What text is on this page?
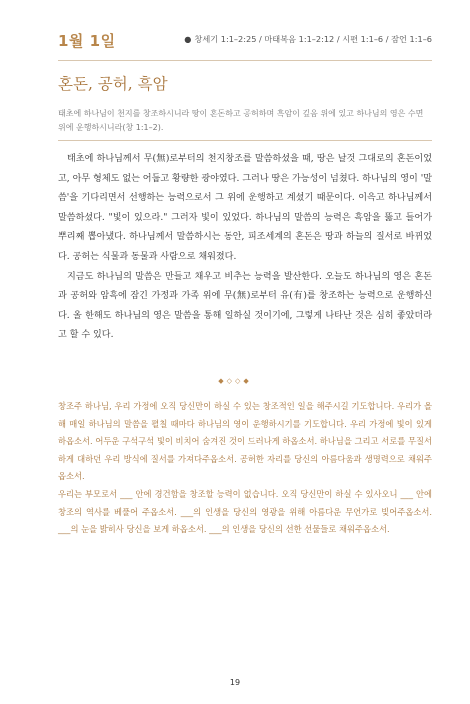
1월 1일	● 창세기 1:1–2:25 / 마태복음 1:1–2:12 / 시편 1:1–6 / 잠언 1:1–6
혼돈, 공허, 흑암
태초에 하나님이 천지를 창조하시니라 땅이 혼돈하고 공허하며 흑암이 깊음 위에 있고 하나님의 영은 수면 위에 운행하시니라(창 1:1–2).

태초에 하나님께서 무(無)로부터의 천지창조를 말씀하셨을 때, 땅은 날것 그대로의 혼돈이었고, 아무 형체도 없는 어둡고 황량한 광야였다. 그러나 땅은 가능성이 넘쳤다. 하나님의 영이 '말씀'을 기다리면서 선행하는 능력으로서 그 위에 운행하고 계셨기 때문이다. 이윽고 하나님께서 말씀하셨다. "빛이 있으라." 그러자 빛이 있었다. 하나님의 말씀의 능력은 흑암을 뚫고 들어가 뿌리째 뽑아냈다. 하나님께서 말씀하시는 동안, 피조세계의 혼돈은 땅과 하늘의 질서로 바뀌었다. 공허는 식물과 동물과 사람으로 채워졌다.

지금도 하나님의 말씀은 만들고 채우고 비추는 능력을 발산한다. 오늘도 하나님의 영은 혼돈과 공허와 암흑에 잠긴 가정과 가족 위에 무(無)로부터 유(有)를 창조하는 능력으로 운행하신다. 올 한해도 하나님의 영은 말씀을 통해 일하실 것이기에, 그렇게 나타난 것은 심히 좋았더라고 할 수 있다.

◆◇◇◆

창조주 하나님, 우리 가정에 오직 당신만이 하실 수 있는 창조적인 일을 해주시길 기도합니다. 우리가 올해 매일 하나님의 말씀을 펼칠 때마다 하나님의 영이 운행하시기를 기도합니다. 우리 가정에 빛이 있게 하옵소서. 어두운 구석구석 빛이 비치어 숨겨진 것이 드러나게 하옵소서. 하나님을 그리고 서로를 무질서하게 대하던 우리 방식에 질서를 가져다주옵소서. 공허한 자리를 당신의 아름다움과 생명력으로 채워주옵소서.

우리는 부모로서 ___ 안에 경건함을 창조할 능력이 없습니다. 오직 당신만이 하실 수 있사오니 ___ 안에 창조의 역사를 베풀어 주옵소서. ___의 인생을 당신의 영광을 위해 아름다운 무언가로 빚어주옵소서. ___의 눈을 밝히사 당신을 보게 하옵소서. ___의 인생을 당신의 선한 선물들로 채워주옵소서.

19
